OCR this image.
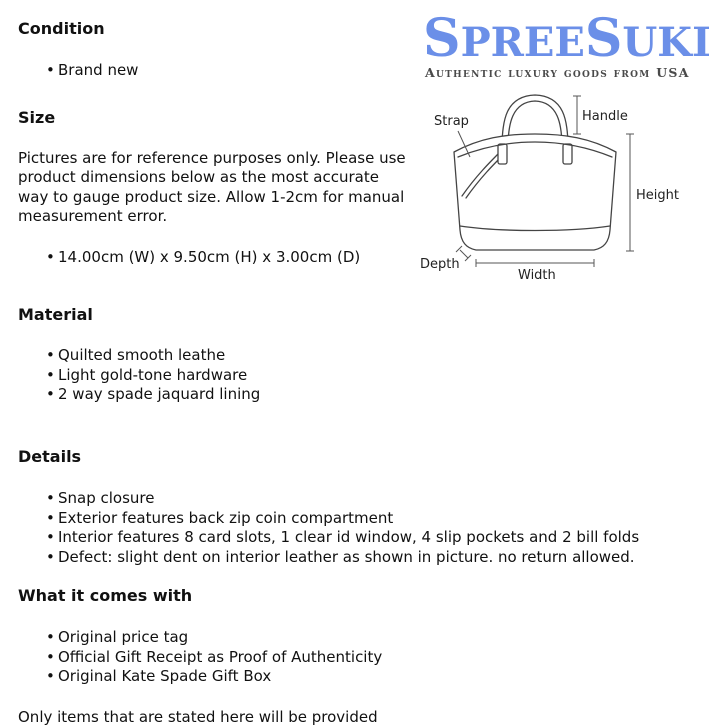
SPREESUKI
Authentic luxury goods from USA
Condition
• Brand new
Size

Pictures are for reference purposes only. Please use product dimensions below as the most accurate way to gauge product size. Allow 1-2cm for manual measurement error.

• 14.00cm (W) x 9.50cm (H) x 3.00cm (D)
Material
• Quilted smooth leathe
• Light gold-tone hardware
• 2 way spade jaquard lining
Details
• Snap closure
• Exterior features back zip coin compartment
• Interior features 8 card slots, 1 clear id window, 4 slip pockets and 2 bill folds
• Defect: slight dent on interior leather as shown in picture. no return allowed.
What it comes with
• Original price tag
• Official Gift Receipt as Proof of Authenticity
• Original Kate Spade Gift Box

Only items that are stated here will be provided

Strap	Handle
Height
Depth
Width
